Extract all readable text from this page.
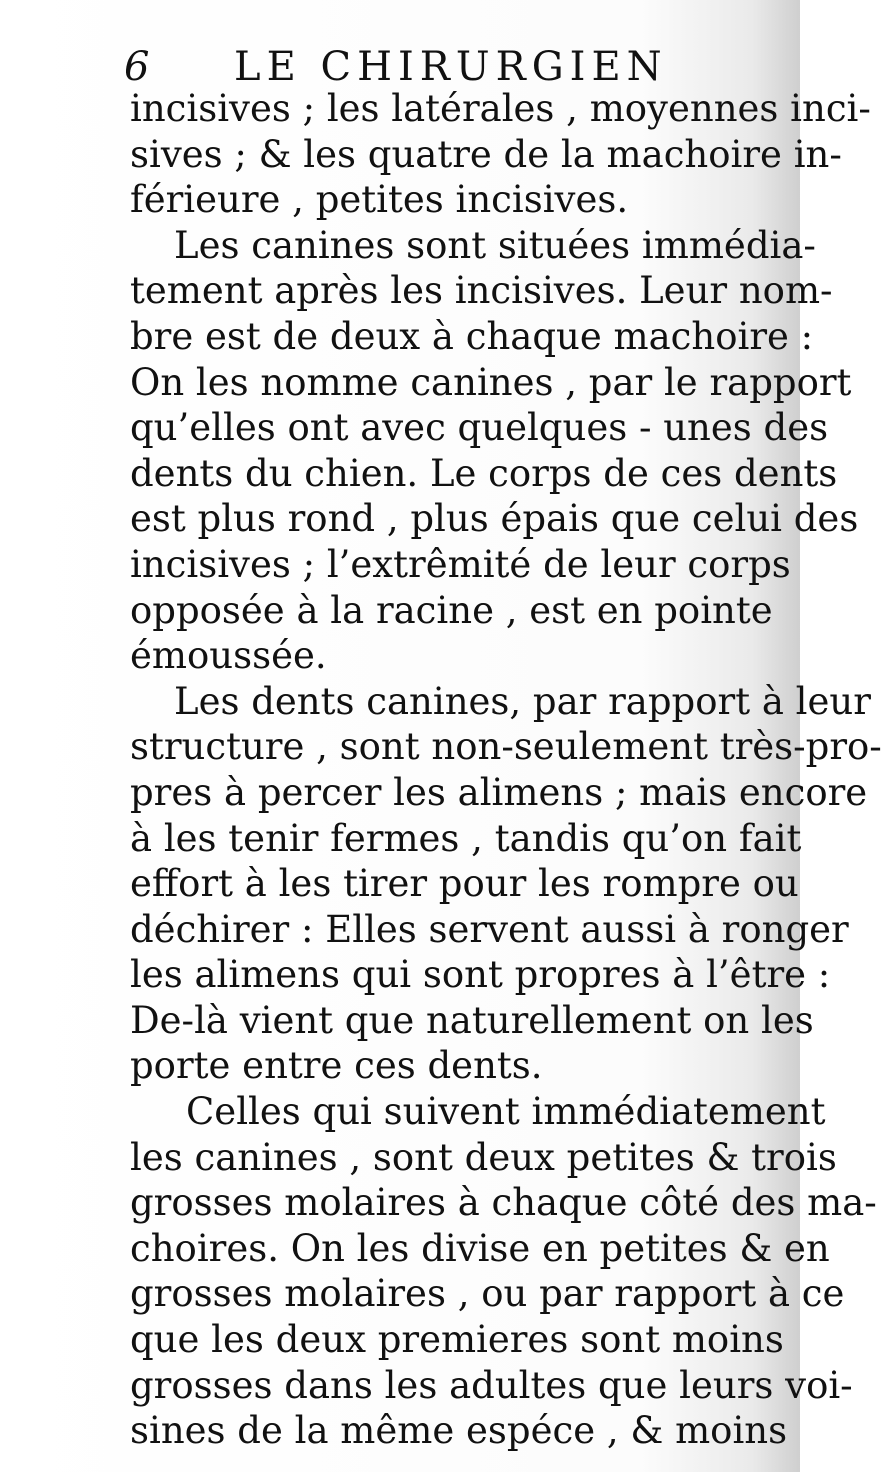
6 LE CHIRURGIEN
incisives ; les latérales , moyennes inci-
sives ; & les quatre de la machoire in-
férieure , petites incisives.
Les canines sont situées immédia-
tement après les incisives. Leur nom-
bre est de deux à chaque machoire :
On les nomme canines , par le rapport
qu’elles ont avec quelques - unes des
dents du chien. Le corps de ces dents
est plus rond , plus épais que celui des
incisives ; l’extrêmité de leur corps
opposée à la racine , est en pointe
émoussée.
Les dents canines, par rapport à leur
structure , sont non-seulement très-pro-
pres à percer les alimens ; mais encore
à les tenir fermes , tandis qu’on fait
effort à les tirer pour les rompre ou
déchirer : Elles servent aussi à ronger
les alimens qui sont propres à l’être :
De-là vient que naturellement on les
porte entre ces dents.
Celles qui suivent immédiatement
les canines , sont deux petites & trois
grosses molaires à chaque côté des ma-
choires. On les divise en petites & en
grosses molaires , ou par rapport à ce
que les deux premieres sont moins
grosses dans les adultes que leurs voi-
sines de la même espéce , & moins
